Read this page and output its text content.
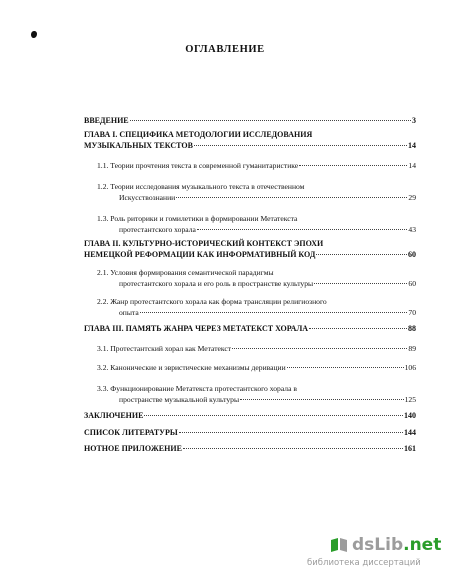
ОГЛАВЛЕНИЕ
ВВЕДЕНИЕ	3
ГЛАВА I. СПЕЦИФИКА МЕТОДОЛОГИИ ИССЛЕДОВАНИЯ
МУЗЫКАЛЬНЫХ ТЕКСТОВ	14
1.1. Теории прочтения текста в современной гуманитаристике	14
1.2. Теории исследования музыкального текста в отечественном
Искусствознании	29
1.3. Роль риторики и гомилетики в формировании Метатекста
протестантского хорала	43
ГЛАВА II. КУЛЬТУРНО-ИСТОРИЧЕСКИЙ КОНТЕКСТ ЭПОХИ
НЕМЕЦКОЙ РЕФОРМАЦИИ КАК ИНФОРМАТИВНЫЙ КОД	60
2.1. Условия формирования семантической парадигмы
протестантского хорала и его роль в пространстве культуры	60
2.2. Жанр протестантского хорала как форма трансляции религиозного
опыта	70
ГЛАВА III. ПАМЯТЬ ЖАНРА ЧЕРЕЗ МЕТАТЕКСТ ХОРАЛА	88
3.1. Протестантский хорал как Метатекст	89
3.2. Канонические и эвристические механизмы деривации	106
3.3. Функционирование Метатекста протестантского хорала в
пространстве музыкальной культуры	125
ЗАКЛЮЧЕНИЕ	140
СПИСОК ЛИТЕРАТУРЫ	144
НОТНОЕ ПРИЛОЖЕНИЕ	161
dsLib .net
библиотека диссертаций
